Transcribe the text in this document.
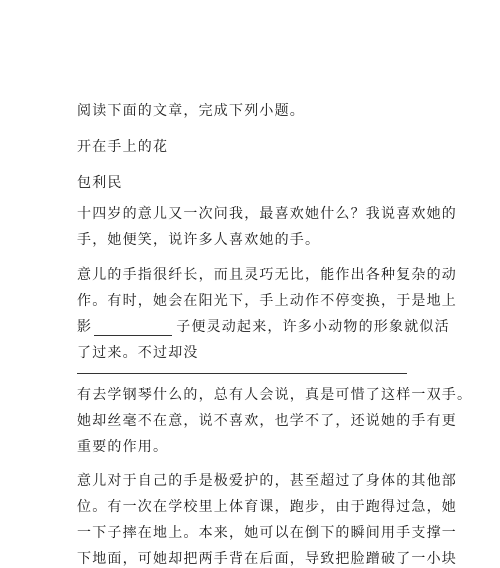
阅读下面的文章，完成下列小题。

开在手上的花

包利民

十四岁的意儿又一次问我，最喜欢她什么？我说喜欢她的

手，她便笑，说许多人喜欢她的手。

意儿的手指很纤长，而且灵巧无比，能作出各种复杂的动

作。有时，她会在阳光下，手上动作不停变换，于是地上

影	子便灵动起来，许多小动物的形象就似活

了过来。不过却没

有去学钢琴什么的，总有人会说，真是可惜了这样一双手。

她却丝毫不在意，说不喜欢，也学不了，还说她的手有更

重要的作用。

意儿对于自己的手是极爱护的，甚至超过了身体的其他部

位。有一次在学校里上体育课，跑步，由于跑得过急，她

一下子摔在地上。本来，她可以在倒下的瞬间用手支撑一

下地面，可她却把两手背在后面，导致把脸蹭破了一小块
